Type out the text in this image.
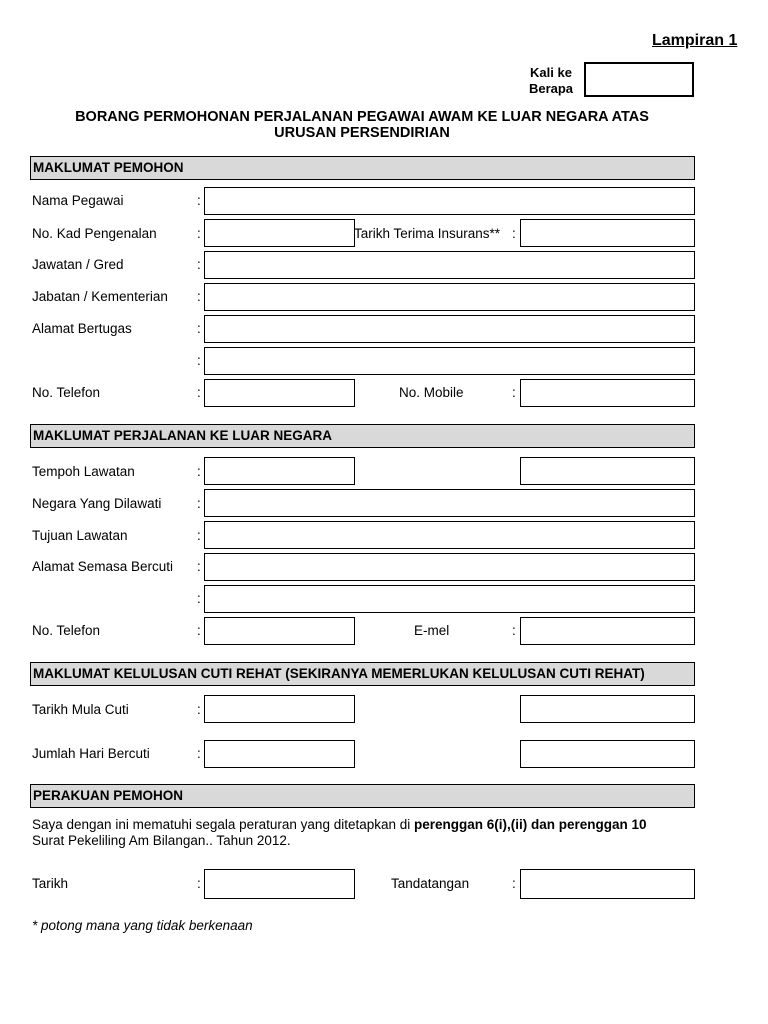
Lampiran 1
Kali ke
Berapa
BORANG PERMOHONAN PERJALANAN PEGAWAI AWAM KE LUAR NEGARA ATAS
URUSAN PERSENDIRIAN
MAKLUMAT PEMOHON
Nama Pegawai	:
No. Kad Pengenalan	:	Tarikh Terima Insurans** :
Jawatan / Gred	:
Jabatan / Kementerian :
Alamat Bertugas	:
:
No. Telefon	:	No. Mobile	:
MAKLUMAT PERJALANAN KE LUAR NEGARA
Tempoh Lawatan	:
Negara Yang Dilawati	:
Tujuan Lawatan	:
Alamat Semasa Bercuti :
:
No. Telefon	:	E-mel	:
MAKLUMAT KELULUSAN CUTI REHAT (SEKIRANYA MEMERLUKAN KELULUSAN CUTI REHAT)
Tarikh Mula Cuti	:
Jumlah Hari Bercuti	:
PERAKUAN PEMOHON
Saya dengan ini mematuhi segala peraturan yang ditetapkan di perenggan 6(i),(ii) dan perenggan 10
Surat Pekeliling Am Bilangan.. Tahun 2012.
Tarikh	:	Tandatangan	:
* potong mana yang tidak berkenaan
